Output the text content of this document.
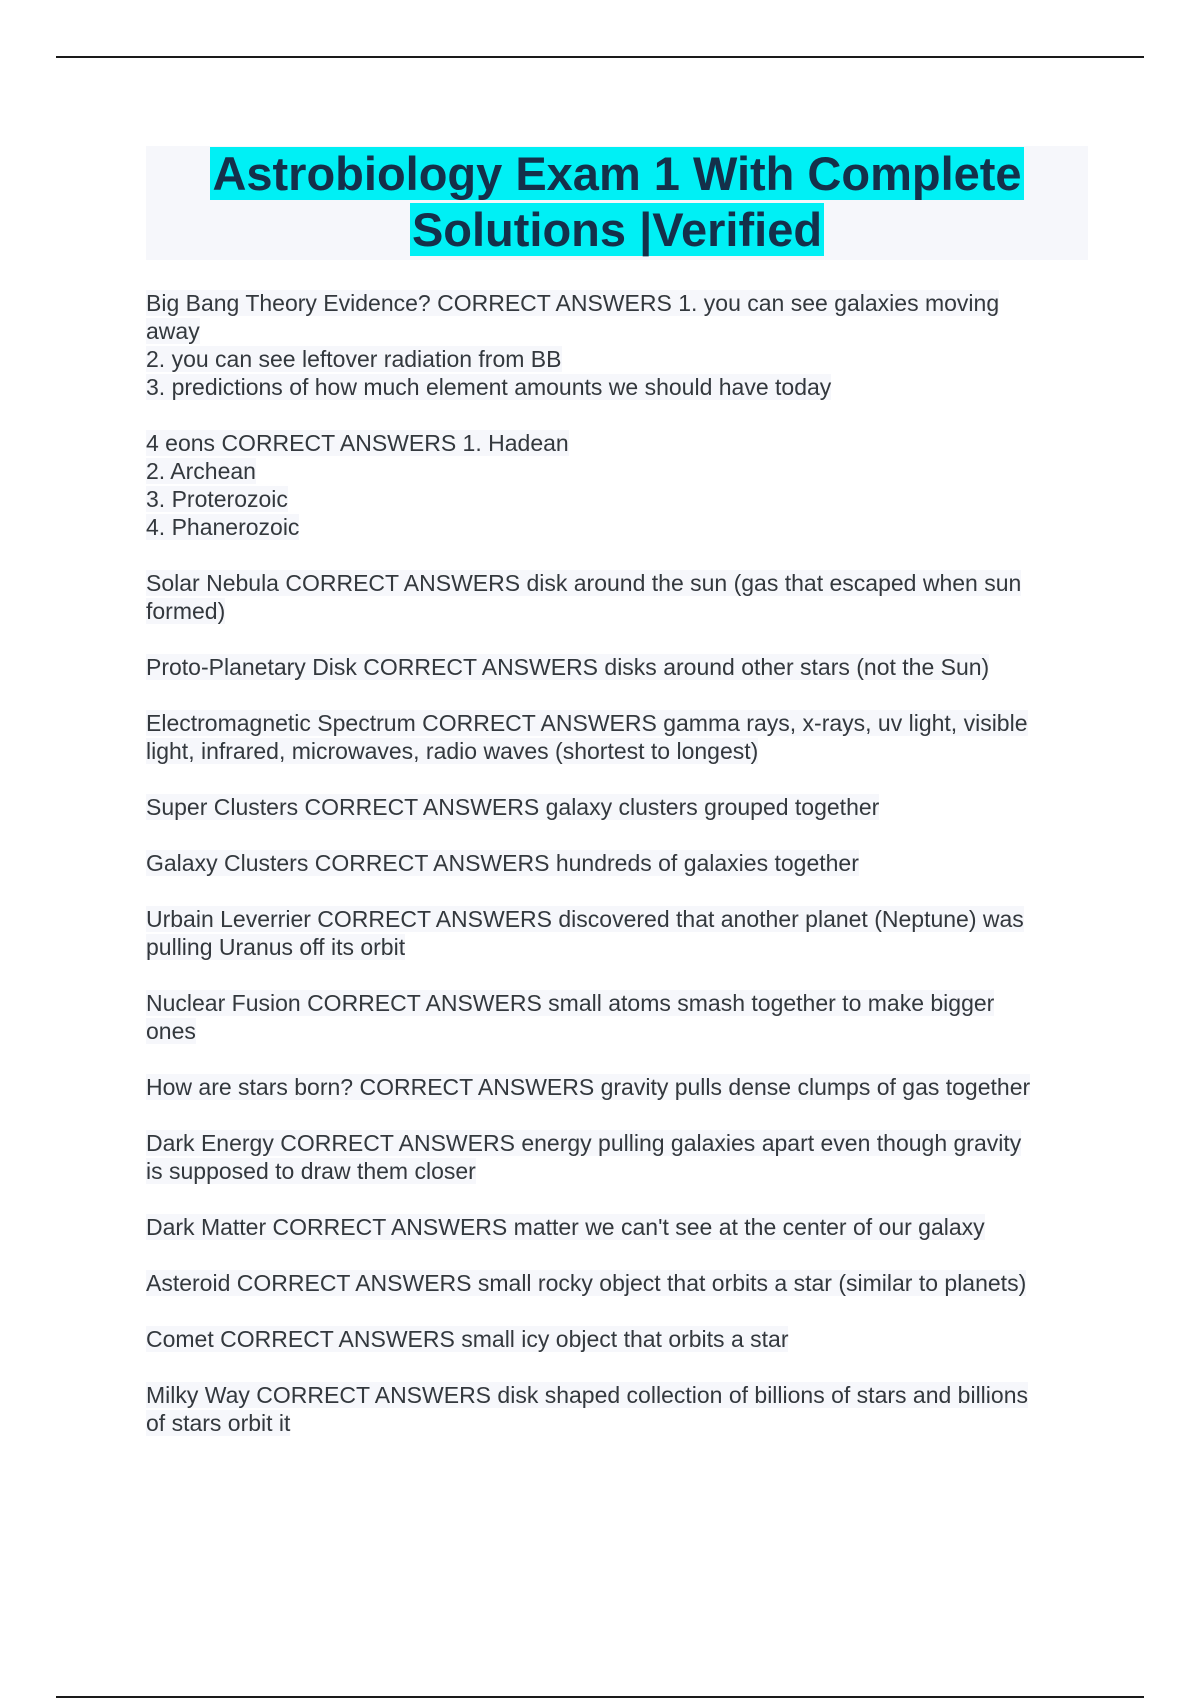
Astrobiology Exam 1 With Complete
Solutions |Verified
Big Bang Theory Evidence? CORRECT ANSWERS 1. you can see galaxies moving
away
2. you can see leftover radiation from BB
3. predictions of how much element amounts we should have today
4 eons CORRECT ANSWERS 1. Hadean
2. Archean
3. Proterozoic
4. Phanerozoic
Solar Nebula CORRECT ANSWERS disk around the sun (gas that escaped when sun
formed)
Proto-Planetary Disk CORRECT ANSWERS disks around other stars (not the Sun)
Electromagnetic Spectrum CORRECT ANSWERS gamma rays, x-rays, uv light, visible
light, infrared, microwaves, radio waves (shortest to longest)
Super Clusters CORRECT ANSWERS galaxy clusters grouped together
Galaxy Clusters CORRECT ANSWERS hundreds of galaxies together
Urbain Leverrier CORRECT ANSWERS discovered that another planet (Neptune) was
pulling Uranus off its orbit
Nuclear Fusion CORRECT ANSWERS small atoms smash together to make bigger
ones
How are stars born? CORRECT ANSWERS gravity pulls dense clumps of gas together
Dark Energy CORRECT ANSWERS energy pulling galaxies apart even though gravity
is supposed to draw them closer
Dark Matter CORRECT ANSWERS matter we can't see at the center of our galaxy
Asteroid CORRECT ANSWERS small rocky object that orbits a star (similar to planets)
Comet CORRECT ANSWERS small icy object that orbits a star
Milky Way CORRECT ANSWERS disk shaped collection of billions of stars and billions
of stars orbit it
